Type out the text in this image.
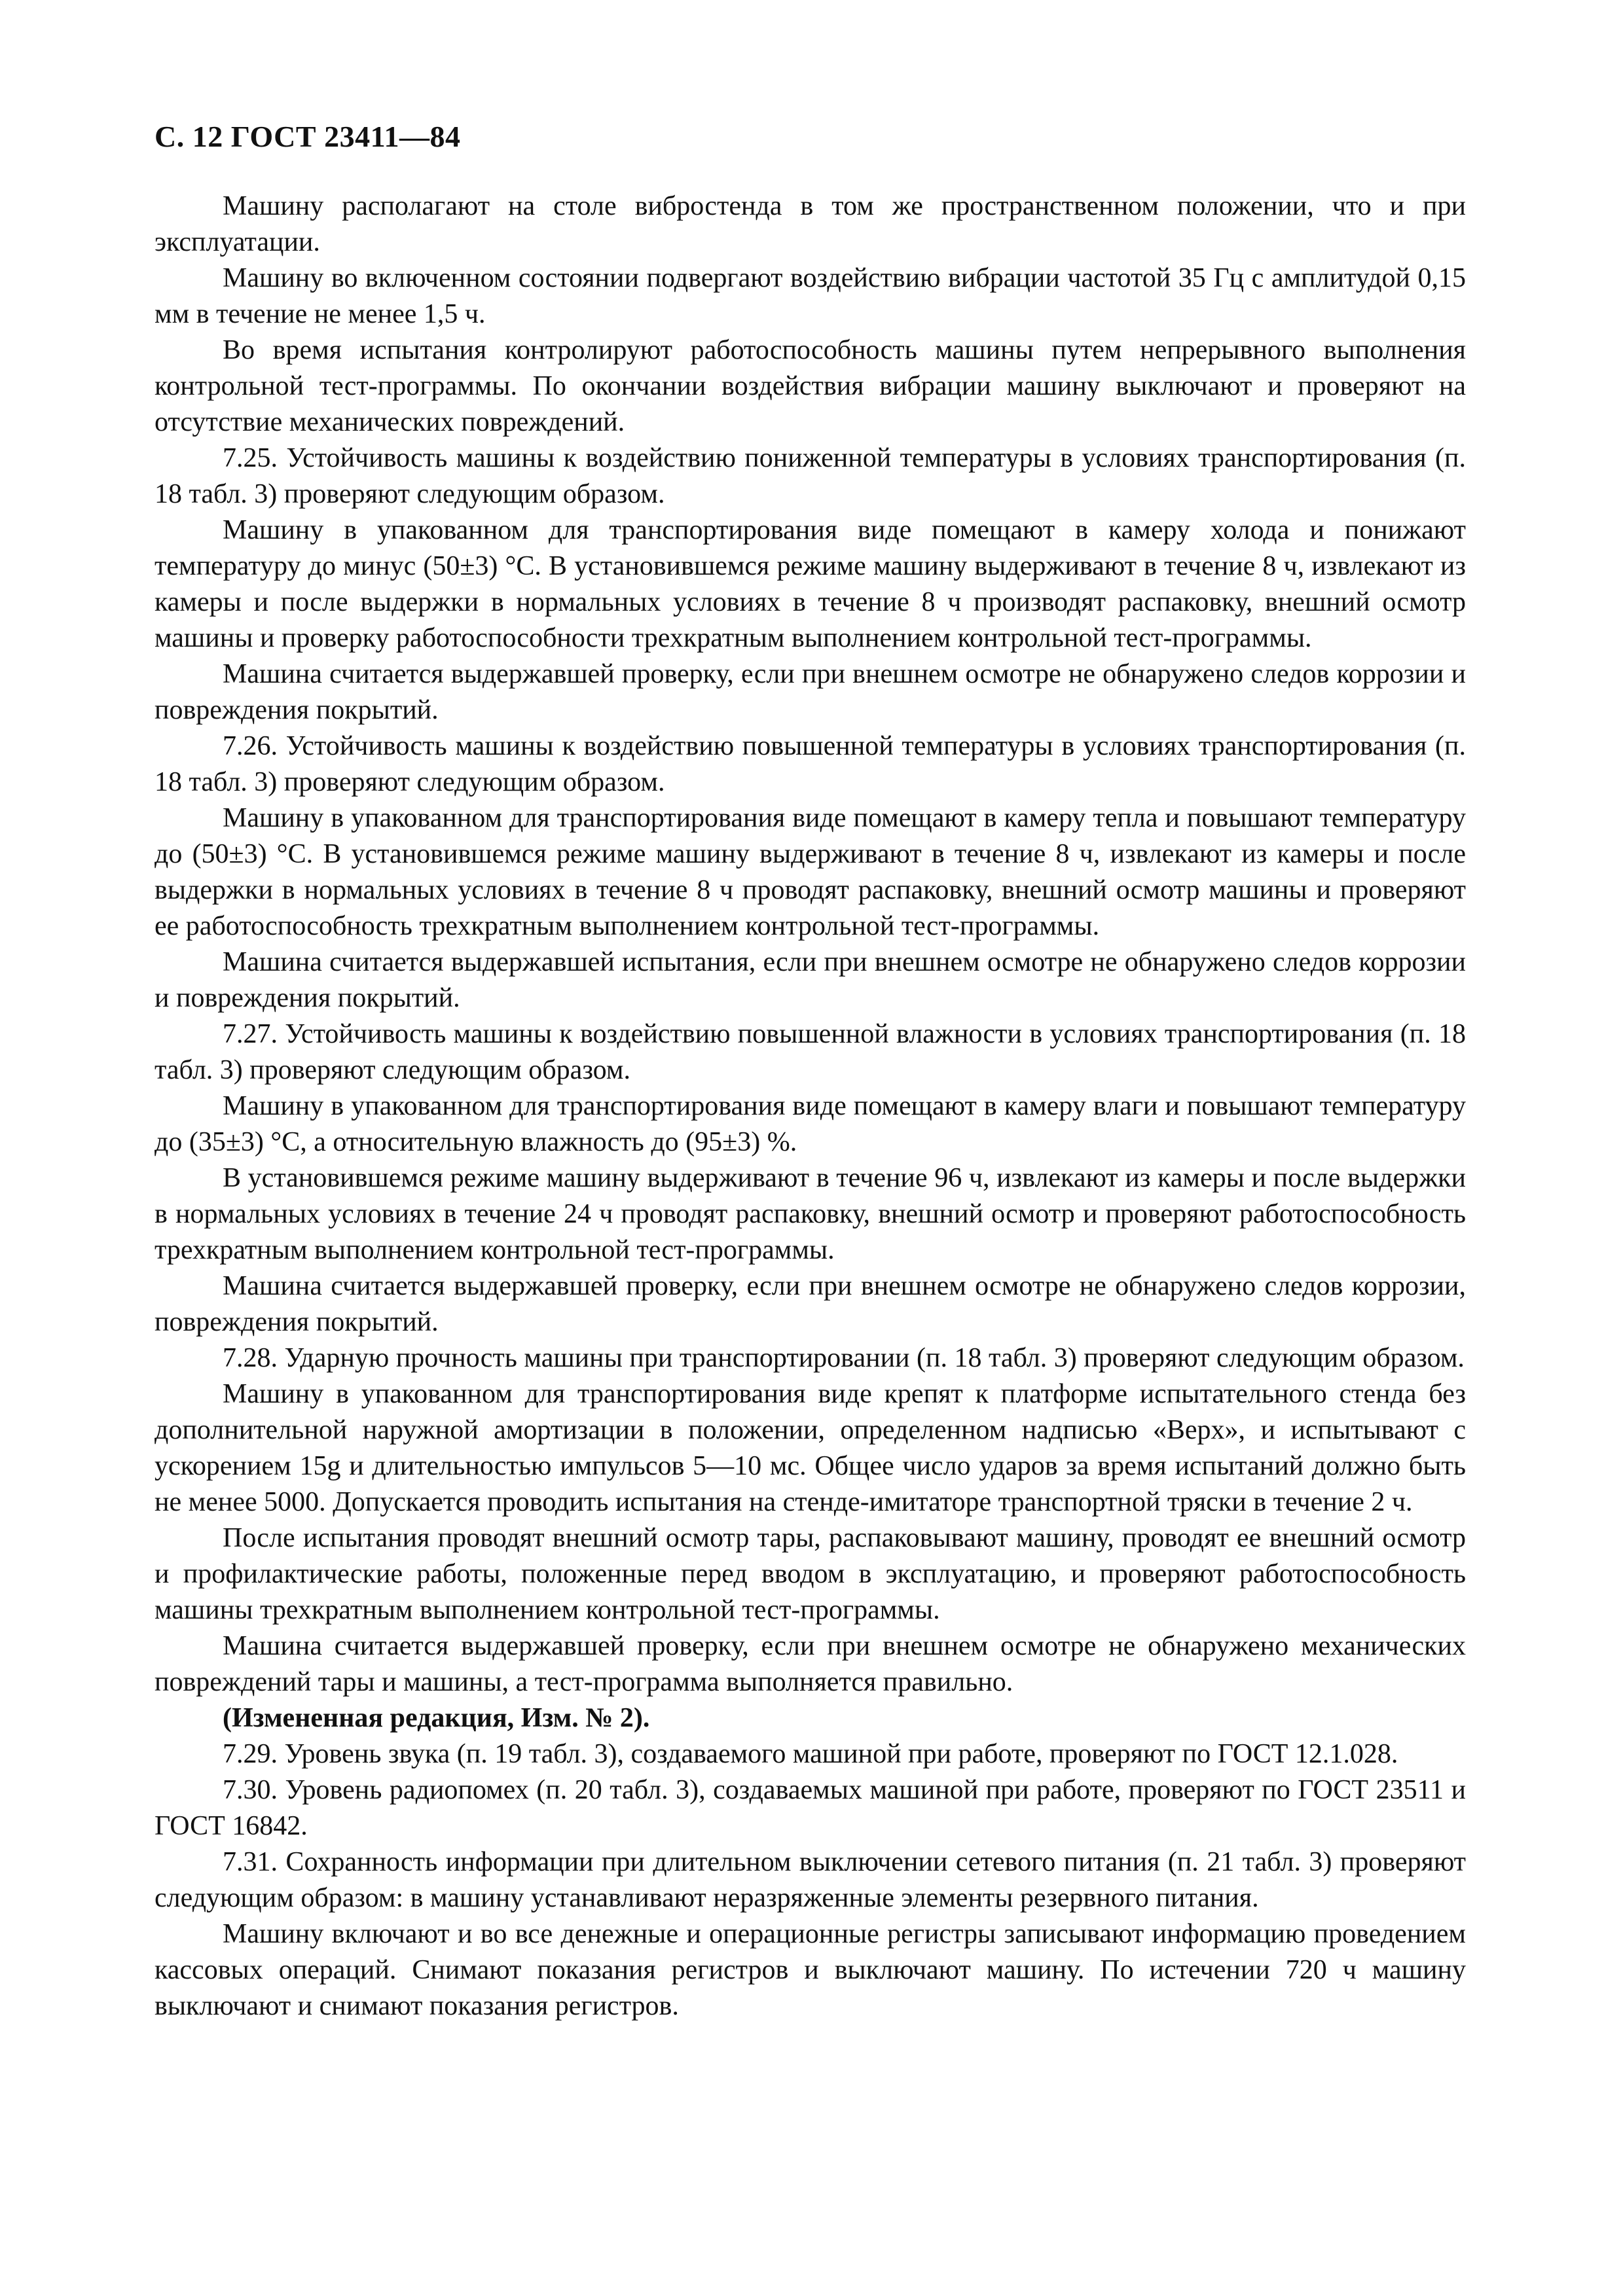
С. 12 ГОСТ 23411—84

Машину располагают на столе вибростенда в том же пространственном положении, что и при эксплуатации.

Машину во включенном состоянии подвергают воздействию вибрации частотой 35 Гц с амплитудой 0,15 мм в течение не менее 1,5 ч.

Во время испытания контролируют работоспособность машины путем непрерывного выполнения контрольной тест-программы. По окончании воздействия вибрации машину выключают и проверяют на отсутствие механических повреждений.

7.25. Устойчивость машины к воздействию пониженной температуры в условиях транспортирования (п. 18 табл. 3) проверяют следующим образом.

Машину в упакованном для транспортирования виде помещают в камеру холода и понижают температуру до минус (50±3) °С. В установившемся режиме машину выдерживают в течение 8 ч, извлекают из камеры и после выдержки в нормальных условиях в течение 8 ч производят распаковку, внешний осмотр машины и проверку работоспособности трехкратным выполнением контрольной тест-программы.

Машина считается выдержавшей проверку, если при внешнем осмотре не обнаружено следов коррозии и повреждения покрытий.

7.26. Устойчивость машины к воздействию повышенной температуры в условиях транспортирования (п. 18 табл. 3) проверяют следующим образом.

Машину в упакованном для транспортирования виде помещают в камеру тепла и повышают температуру до (50±3) °С. В установившемся режиме машину выдерживают в течение 8 ч, извлекают из камеры и после выдержки в нормальных условиях в течение 8 ч проводят распаковку, внешний осмотр машины и проверяют ее работоспособность трехкратным выполнением контрольной тест-программы.

Машина считается выдержавшей испытания, если при внешнем осмотре не обнаружено следов коррозии и повреждения покрытий.

7.27. Устойчивость машины к воздействию повышенной влажности в условиях транспортирования (п. 18 табл. 3) проверяют следующим образом.

Машину в упакованном для транспортирования виде помещают в камеру влаги и повышают температуру до (35±3) °С, а относительную влажность до (95±3) %.

В установившемся режиме машину выдерживают в течение 96 ч, извлекают из камеры и после выдержки в нормальных условиях в течение 24 ч проводят распаковку, внешний осмотр и проверяют работоспособность трехкратным выполнением контрольной тест-программы.

Машина считается выдержавшей проверку, если при внешнем осмотре не обнаружено следов коррозии, повреждения покрытий.

7.28. Ударную прочность машины при транспортировании (п. 18 табл. 3) проверяют следующим образом.

Машину в упакованном для транспортирования виде крепят к платформе испытательного стенда без дополнительной наружной амортизации в положении, определенном надписью «Верх», и испытывают с ускорением 15g и длительностью импульсов 5—10 мс. Общее число ударов за время испытаний должно быть не менее 5000. Допускается проводить испытания на стенде-имитаторе транспортной тряски в течение 2 ч.

После испытания проводят внешний осмотр тары, распаковывают машину, проводят ее внешний осмотр и профилактические работы, положенные перед вводом в эксплуатацию, и проверяют работоспособность машины трехкратным выполнением контрольной тест-программы.

Машина считается выдержавшей проверку, если при внешнем осмотре не обнаружено механических повреждений тары и машины, а тест-программа выполняется правильно.

(Измененная редакция, Изм. № 2).

7.29. Уровень звука (п. 19 табл. 3), создаваемого машиной при работе, проверяют по ГОСТ 12.1.028.

7.30. Уровень радиопомех (п. 20 табл. 3), создаваемых машиной при работе, проверяют по ГОСТ 23511 и ГОСТ 16842.

7.31. Сохранность информации при длительном выключении сетевого питания (п. 21 табл. 3) проверяют следующим образом: в машину устанавливают неразряженные элементы резервного питания.

Машину включают и во все денежные и операционные регистры записывают информацию проведением кассовых операций. Снимают показания регистров и выключают машину. По истечении 720 ч машину выключают и снимают показания регистров.
